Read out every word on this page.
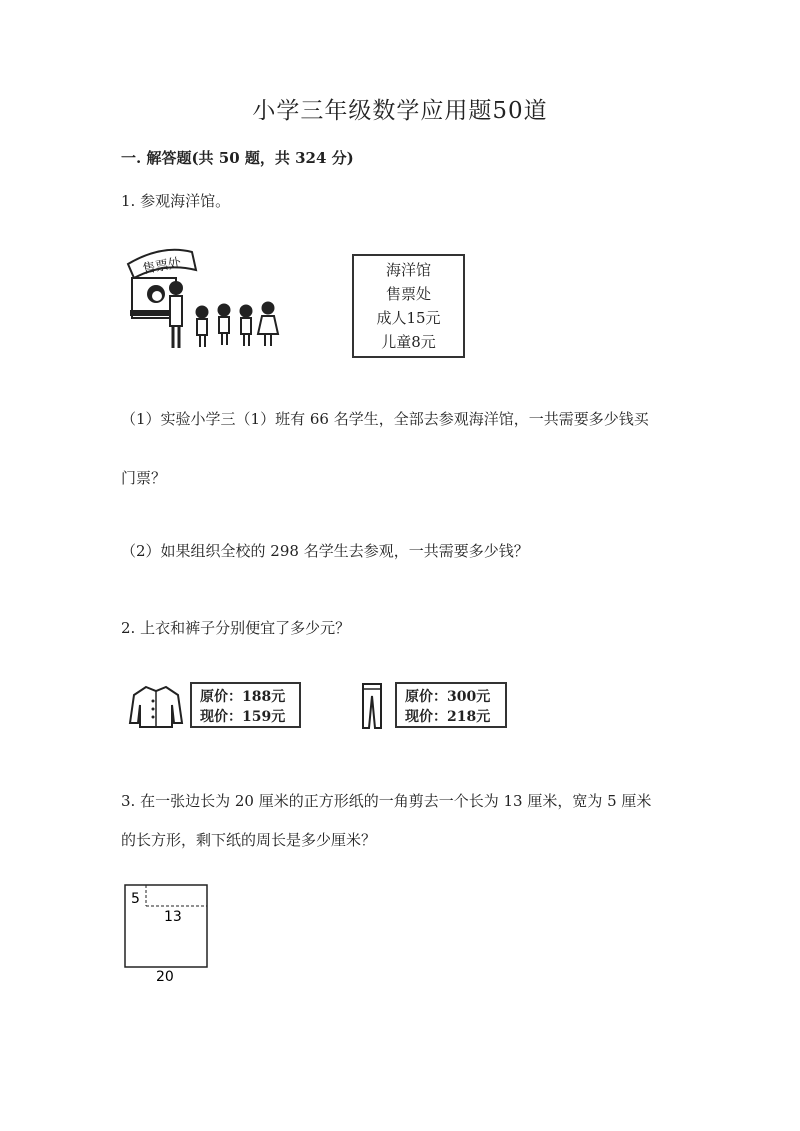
小学三年级数学应用题50道
一. 解答题(共 50 题，共 324 分)
1. 参观海洋馆。
售票处	海洋馆
售票处
成人15元
儿童8元
（1）实验小学三（1）班有 66 名学生，全部去参观海洋馆，一共需要多少钱买
门票？
（2）如果组织全校的 298 名学生去参观，一共需要多少钱？
2. 上衣和裤子分别便宜了多少元？
原价：188元
现价：159元
原价：300元
现价：218元
3. 在一张边长为 20 厘米的正方形纸的一角剪去一个长为 13 厘米，宽为 5 厘米
的长方形，剩下纸的周长是多少厘米？
5
13
20
